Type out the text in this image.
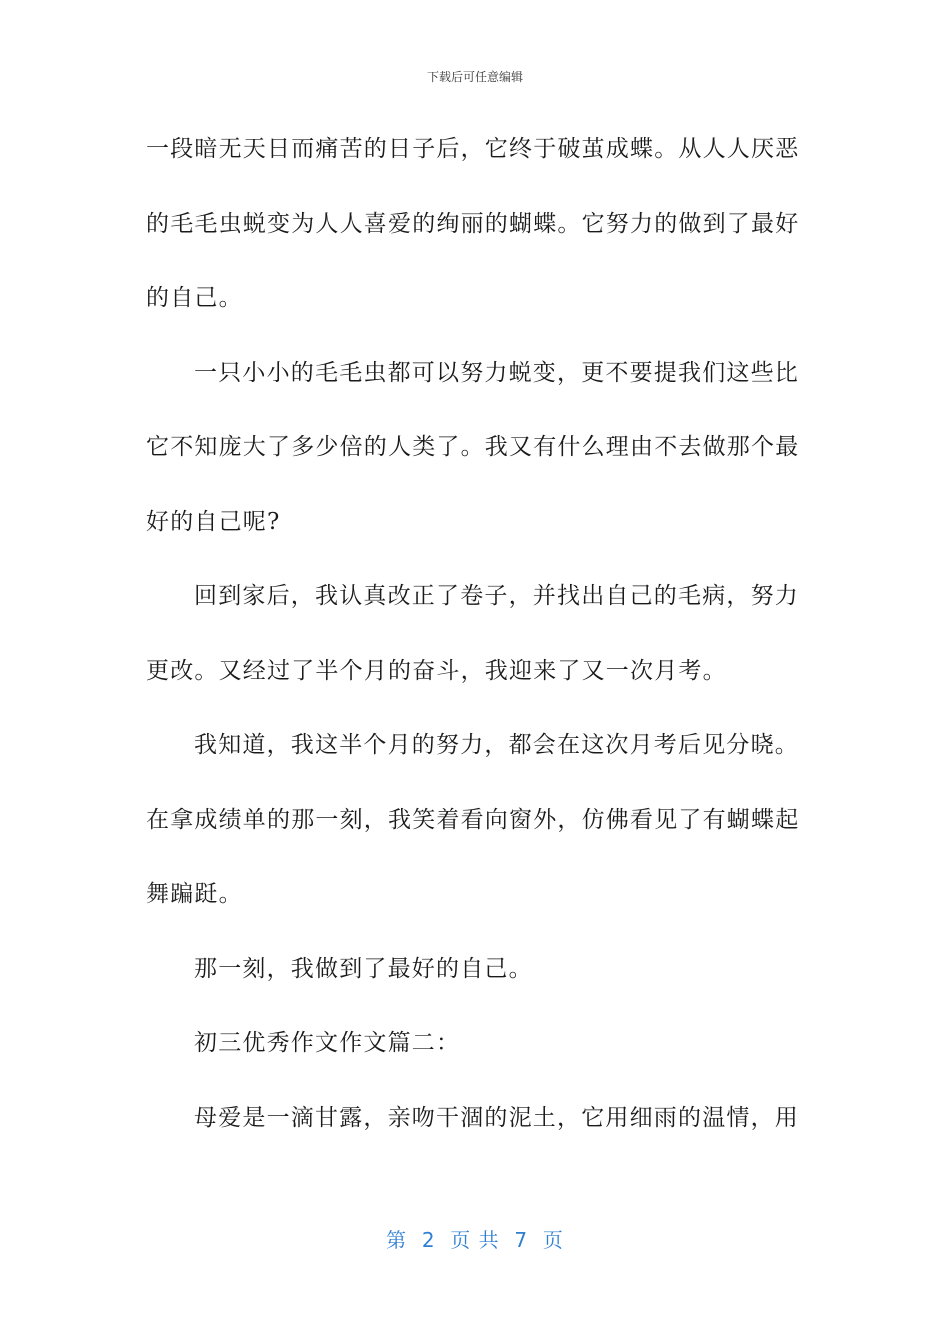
下载后可任意编辑
一段暗无天日而痛苦的日子后，它终于破茧成蝶。从人人厌恶
的毛毛虫蜕变为人人喜爱的绚丽的蝴蝶。它努力的做到了最好
的自己。
一只小小的毛毛虫都可以努力蜕变，更不要提我们这些比
它不知庞大了多少倍的人类了。我又有什么理由不去做那个最
好的自己呢?
回到家后，我认真改正了卷子，并找出自己的毛病，努力
更改。又经过了半个月的奋斗，我迎来了又一次月考。
我知道，我这半个月的努力，都会在这次月考后见分晓。
在拿成绩单的那一刻，我笑着看向窗外，仿佛看见了有蝴蝶起
舞蹁跹。
那一刻，我做到了最好的自己。
初三优秀作文作文篇二：
母爱是一滴甘露，亲吻干涸的泥土，它用细雨的温情，用
第  2  页 共  7  页
